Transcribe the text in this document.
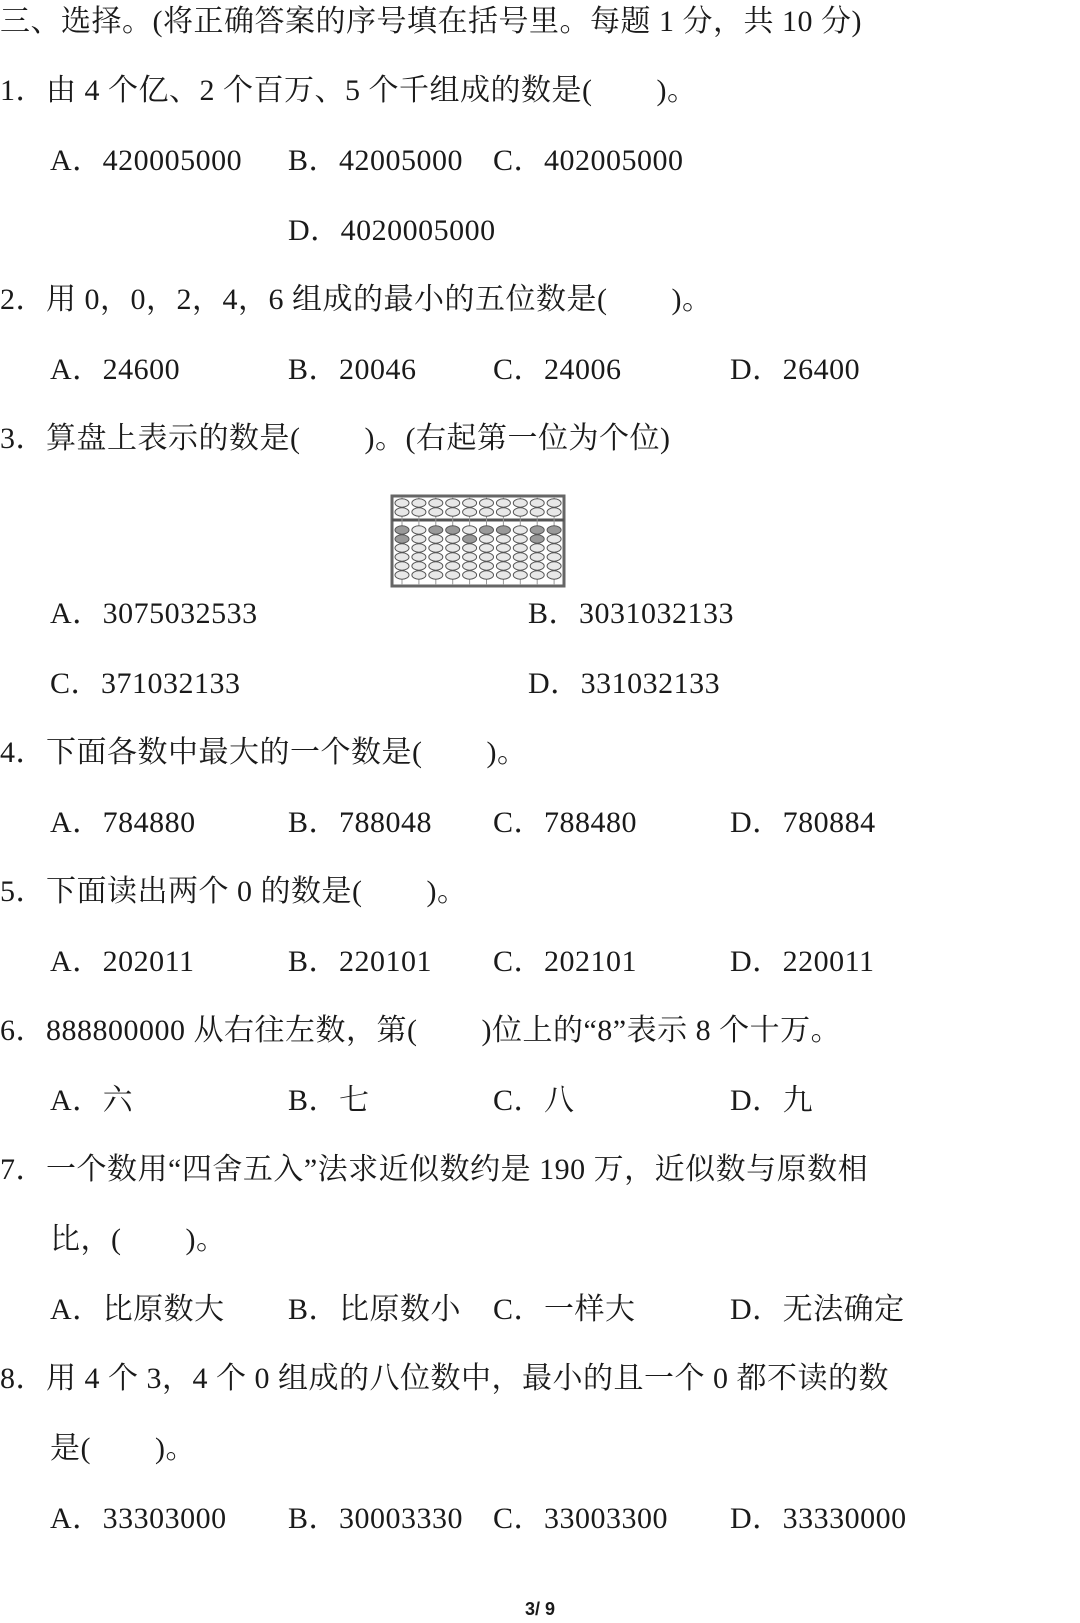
三、选择。(将正确答案的序号填在括号里。每题 1 分，共 10 分)
1．由 4 个亿、2 个百万、5 个千组成的数是(        )。
A．420005000 B．42005000 C．402005000
D．4020005000
2．用 0，0，2，4，6 组成的最小的五位数是(        )。
A．24600	B．20046	C．24006	D．26400
3．算盘上表示的数是(        )。(右起第一位为个位)
A．3075032533	B．3031032133
C．371032133	D．331032133
4．下面各数中最大的一个数是(        )。
A．784880	B．788048 C．788480	D．780884
5．下面读出两个 0 的数是(        )。
A．202011	B．220101 C．202101	D．220011
6．888800000 从右往左数，第(        )位上的“8”表示 8 个十万。
A．六	B．七	C．八	D．九
7．一个数用“四舍五入”法求近似数约是 190 万，近似数与原数相
比，(        )。
A．比原数大 B．比原数小 C．一样大	D．无法确定
8．用 4 个 3，4 个 0 组成的八位数中，最小的且一个 0 都不读的数
是(        )。
A．33303000 B．30003330 C．33003300 D．33330000
3/ 9
